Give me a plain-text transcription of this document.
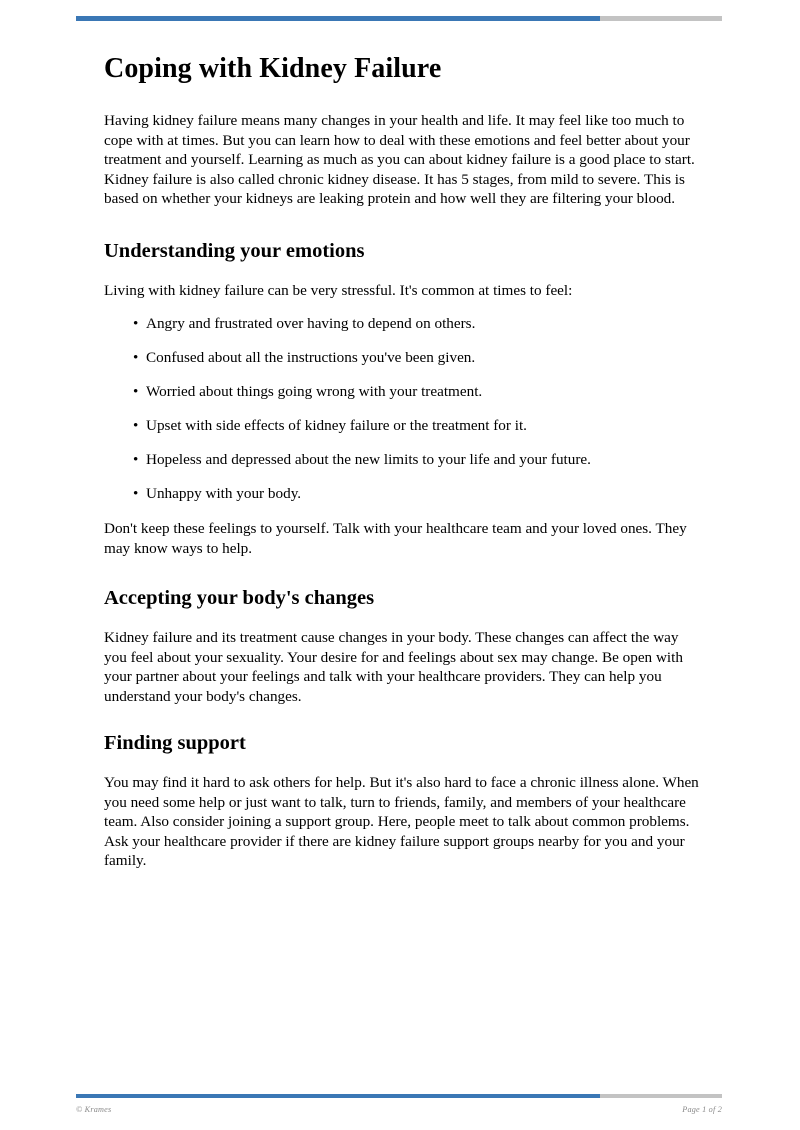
Coping with Kidney Failure

Having kidney failure means many changes in your health and life. It may feel like too much to cope with at times. But you can learn how to deal with these emotions and feel better about your treatment and yourself. Learning as much as you can about kidney failure is a good place to start. Kidney failure is also called chronic kidney disease. It has 5 stages, from mild to severe. This is based on whether your kidneys are leaking protein and how well they are filtering your blood.

Understanding your emotions

Living with kidney failure can be very stressful. It's common at times to feel:

• Angry and frustrated over having to depend on others.
• Confused about all the instructions you've been given.
• Worried about things going wrong with your treatment.
• Upset with side effects of kidney failure or the treatment for it.
• Hopeless and depressed about the new limits to your life and your future.
• Unhappy with your body.

Don't keep these feelings to yourself. Talk with your healthcare team and your loved ones. They may know ways to help.

Accepting your body's changes

Kidney failure and its treatment cause changes in your body. These changes can affect the way you feel about your sexuality. Your desire for and feelings about sex may change. Be open with your partner about your feelings and talk with your healthcare providers. They can help you understand your body's changes.

Finding support

You may find it hard to ask others for help. But it's also hard to face a chronic illness alone. When you need some help or just want to talk, turn to friends, family, and members of your healthcare team. Also consider joining a support group. Here, people meet to talk about common problems.  Ask your healthcare provider if there are kidney failure support groups nearby for you and your family.

© Krames	Page 1 of 2
